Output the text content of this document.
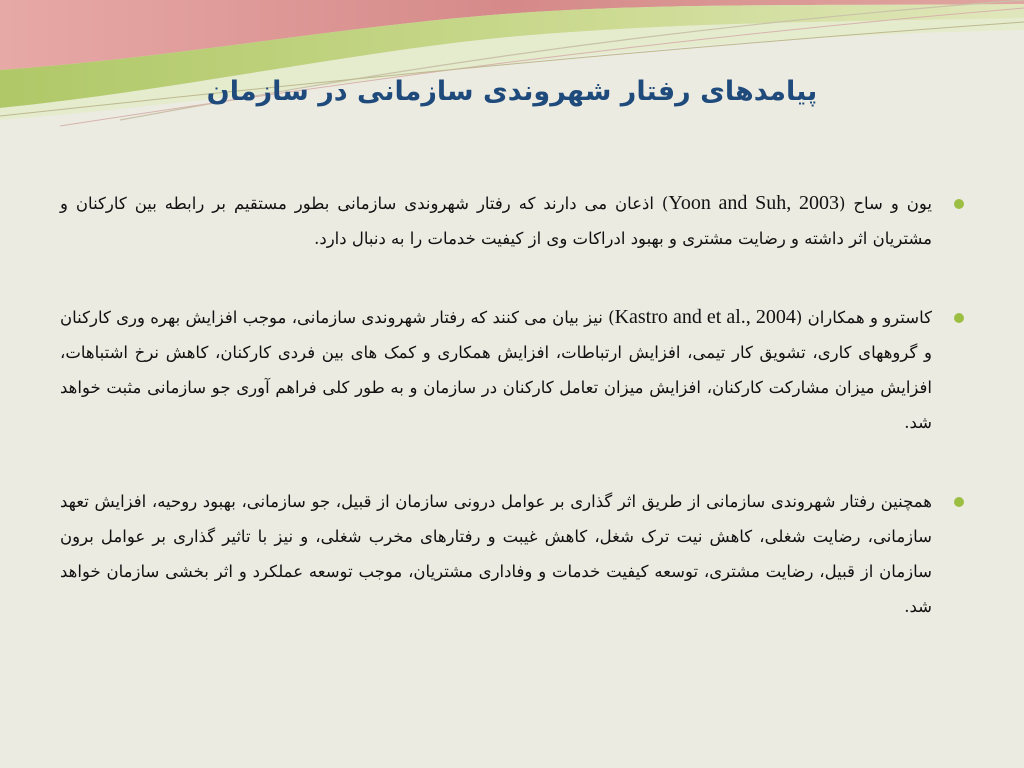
پیامدهای رفتار شهروندی سازمانی در سازمان

یون و ساح (Yoon and Suh, 2003) اذعان می دارند که رفتار شهروندی سازمانی بطور مستقیم بر رابطه بین کارکنان و مشتریان اثر داشته و رضایت مشتری و بهبود ادراکات وی از کیفیت خدمات را به دنبال دارد.

کاسترو و همکاران (Kastro and et al., 2004) نیز بیان می کنند که رفتار شهروندی سازمانی، موجب افزایش بهره وری کارکنان و گروههای کاری، تشویق کار تیمی، افزایش ارتباطات، افزایش همکاری و کمک های بین فردی کارکنان، کاهش نرخ اشتباهات، افزایش میزان مشارکت کارکنان، افزایش میزان تعامل کارکنان در سازمان و به طور کلی فراهم آوری جو سازمانی مثبت خواهد شد.

همچنین رفتار شهروندی سازمانی از طریق اثر گذاری بر عوامل درونی سازمان از قبیل، جو سازمانی، بهبود روحیه، افزایش تعهد سازمانی، رضایت شغلی، کاهش نیت ترک شغل، کاهش غیبت و رفتارهای مخرب شغلی، و نیز با تاثیر گذاری بر عوامل برون سازمان از قبیل، رضایت مشتری، توسعه کیفیت خدمات و وفاداری مشتریان، موجب توسعه عملکرد و اثر بخشی سازمان خواهد شد.
